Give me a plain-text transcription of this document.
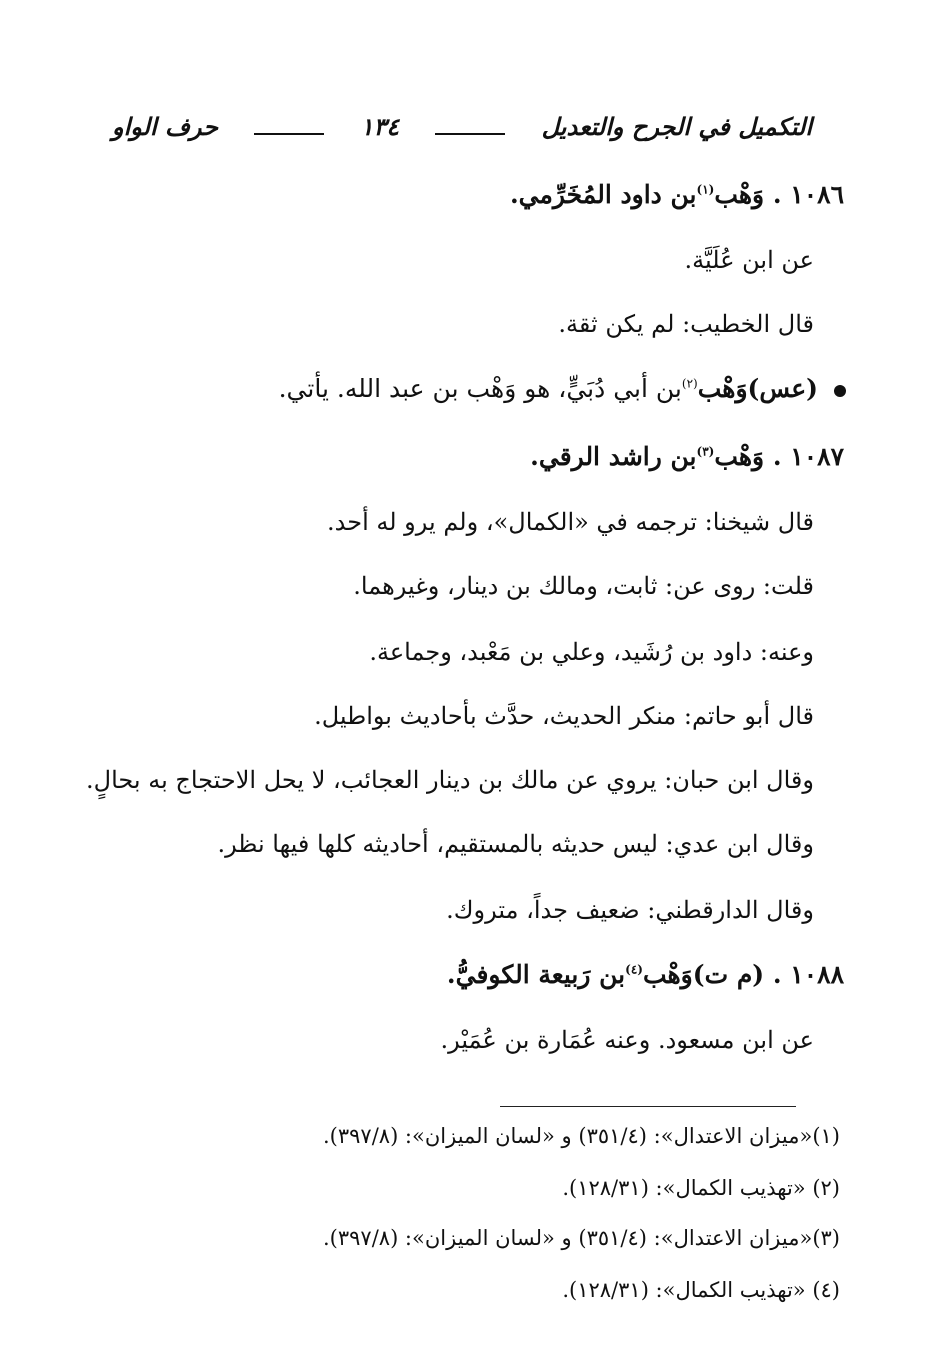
التكميل في الجرح والتعديل
١٣٤
حرف الواو
١٠٨٦ . وَهْب$^{(١)}$بن داود المُخَرِّمي.
عن ابن عُلَيَّة.
قال الخطيب: لم يكن ثقة.
(عس)وَهْب$^{(٢)}$بن أبي دُبَيٍّ، هو وَهْب بن عبد الله. يأتي.
١٠٨٧ . وَهْب$^{(٣)}$بن راشد الرقي.
قال شيخنا: ترجمه في «الكمال»، ولم يرو له أحد.
قلت: روى عن: ثابت، ومالك بن دينار، وغيرهما.
وعنه: داود بن رُشَيد، وعلي بن مَعْبد، وجماعة.
قال أبو حاتم: منكر الحديث، حدَّث بأحاديث بواطيل.
وقال ابن حبان: يروي عن مالك بن دينار العجائب، لا يحل الاحتجاج به بحالٍ.
وقال ابن عدي: ليس حديثه بالمستقيم، أحاديثه كلها فيها نظر.
وقال الدارقطني: ضعيف جداً، متروك.
١٠٨٨ . (م ت)وَهْب$^{(٤)}$بن رَبيعة الكوفيُّ.
عن ابن مسعود. وعنه عُمَارة بن عُمَيْر.
(١)«ميزان الاعتدال»: (٣٥١/٤) و «لسان الميزان»: (٣٩٧/٨).
(٢) «تهذيب الكمال»: (١٢٨/٣١).
(٣)«ميزان الاعتدال»: (٣٥١/٤) و «لسان الميزان»: (٣٩٧/٨).
(٤) «تهذيب الكمال»: (١٢٨/٣١).
